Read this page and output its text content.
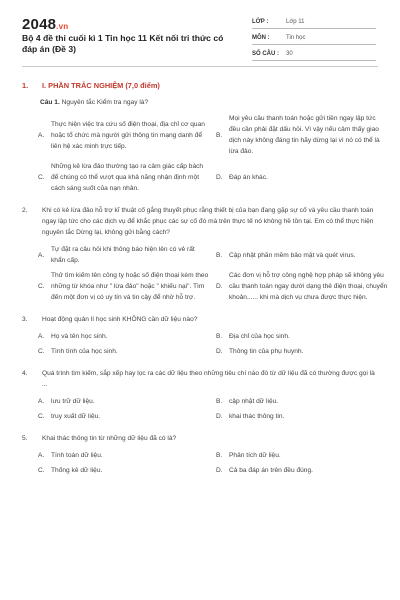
2048.vn
Bộ 4 đề thi cuối kì 1 Tin học 11 Kết nối tri thức có đáp án (Đề 3)
LỚP :	Lớp 11
MÔN :	Tin học
SỐ CÂU :	30
1.	I. PHẦN TRẮC NGHIỆM (7,0 điểm)
Câu 1. Nguyên tắc Kiểm tra ngay là?
A.
Thực hiện việc tra cứu số điện thoại, địa chỉ cơ quan hoặc tổ chức mà người gửi thông tin mạng danh để liên hệ xác minh trực tiếp.
B.
Mọi yêu cầu thanh toán hoặc gửi tiền ngay lập tức đều cần phải đặt dấu hỏi. Vì vậy nếu cảm thấy giao dịch này không đáng tin hãy dừng lại vì nó có thể là lừa đảo.
C.
Những kẻ lừa đảo thường tạo ra cảm giác cấp bách để chúng có thể vượt qua khả năng nhận định một cách sáng suốt của nạn nhân.
D. Đáp án khác.
2.	Khi có kẻ lừa đảo hỗ trợ kĩ thuật cố gắng thuyết phục rằng thiết bị của bạn đang gặp sự cố và yêu cầu thanh toán ngay lập tức cho các dịch vụ để khắc phục các sự cố đó mà trên thực tế nó không hề tồn tại. Em có thể thực hiện nguyên tắc Dừng lại, không gửi bằng cách?
A.
Tự đặt ra câu hỏi khi thông báo hiện lên có vẻ rất khẩn cấp.
B.	Cập nhật phần mềm bảo mật và quét virus.
C.
Thử tìm kiếm tên công ty hoặc số điện thoại kèm theo những từ khóa như " lừa đảo" hoặc " khiếu nại". Tìm đến một đơn vị có uy tín và tin cậy để nhờ hỗ trợ.
D.
Các đơn vị hỗ trợ công nghệ hợp pháp sẽ không yêu cầu thanh toán ngay dưới dạng thẻ điện thoại, chuyển khoản...... khi mà dịch vụ chưa được thực hiện.
3.	Hoạt động quản lí học sinh KHÔNG cần dữ liệu nào?
A.	Họ và tên học sinh.	B.	Địa chỉ của học sinh.
C. Tình tình của học sinh.	D. Thông tin của phụ huynh.
4.	Quá trình tìm kiếm, sắp xếp hay lọc ra các dữ liệu theo những tiêu chí nào đó từ dữ liệu đã có thường được gọi là ...
A.	lưu trữ dữ liệu.	B.	cập nhật dữ liệu.
C. truy xuất dữ liệu.	D. khai thác thông tin.
5.	Khai thác thông tin từ những dữ liệu đã có là?
A.	Tính toán dữ liệu.	B.	Phân tích dữ liệu.
C. Thống kê dữ liệu.	D. Cả ba đáp án trên đều đúng.
